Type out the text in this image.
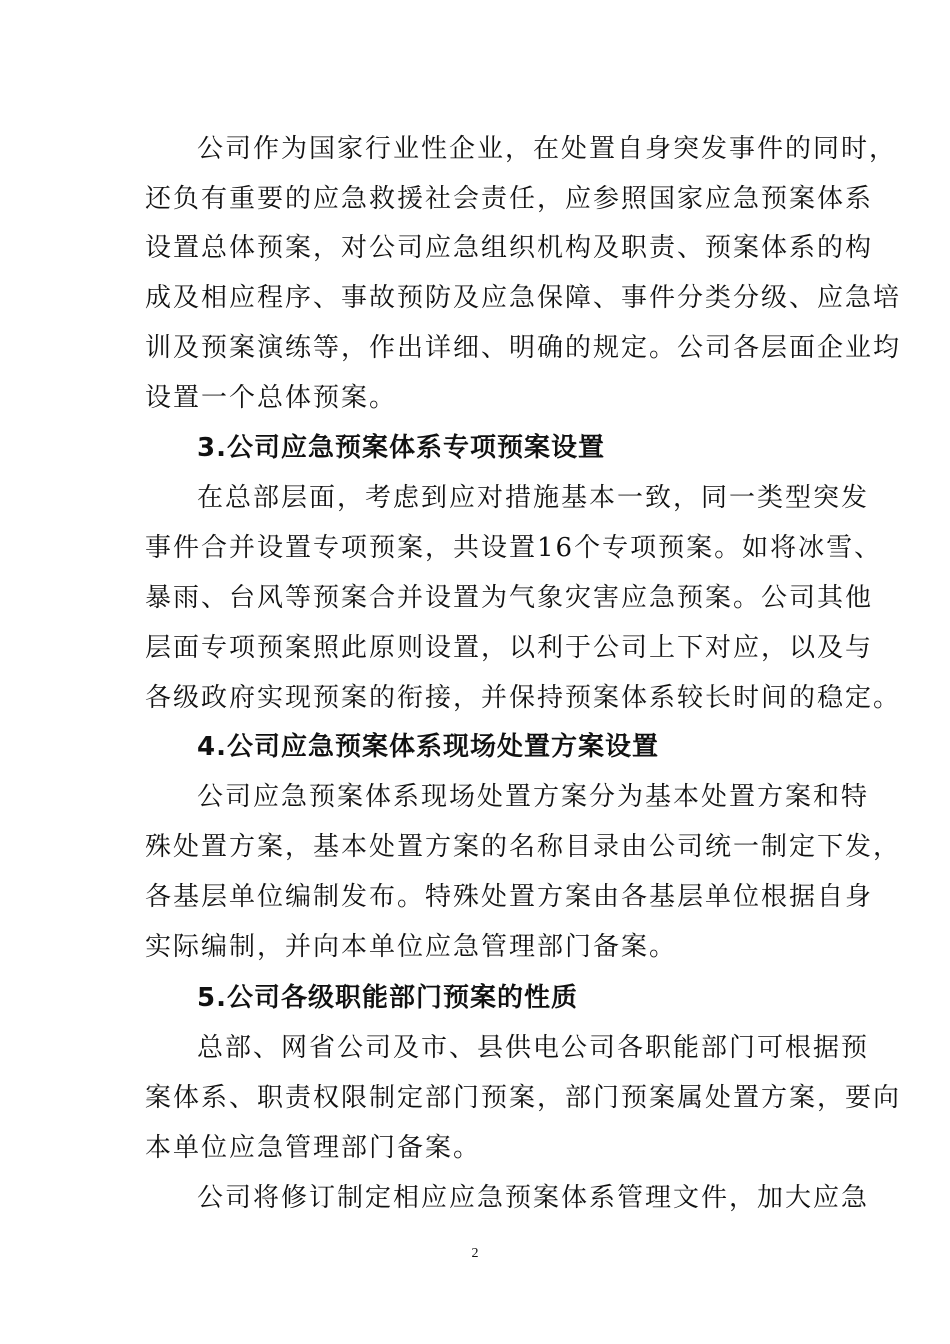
公司作为国家行业性企业，在处置自身突发事件的同时，
还负有重要的应急救援社会责任，应参照国家应急预案体系
设置总体预案，对公司应急组织机构及职责、预案体系的构
成及相应程序、事故预防及应急保障、事件分类分级、应急培
训及预案演练等，作出详细、明确的规定。公司各层面企业均
设置一个总体预案。
3.公司应急预案体系专项预案设置
在总部层面，考虑到应对措施基本一致，同一类型突发
事件合并设置专项预案，共设置16个专项预案。如将冰雪、
暴雨、台风等预案合并设置为气象灾害应急预案。公司其他
层面专项预案照此原则设置，以利于公司上下对应，以及与
各级政府实现预案的衔接，并保持预案体系较长时间的稳定。
4.公司应急预案体系现场处置方案设置
公司应急预案体系现场处置方案分为基本处置方案和特
殊处置方案，基本处置方案的名称目录由公司统一制定下发，
各基层单位编制发布。特殊处置方案由各基层单位根据自身
实际编制，并向本单位应急管理部门备案。
5.公司各级职能部门预案的性质
总部、网省公司及市、县供电公司各职能部门可根据预
案体系、职责权限制定部门预案，部门预案属处置方案，要向
本单位应急管理部门备案。
公司将修订制定相应应急预案体系管理文件，加大应急
2
